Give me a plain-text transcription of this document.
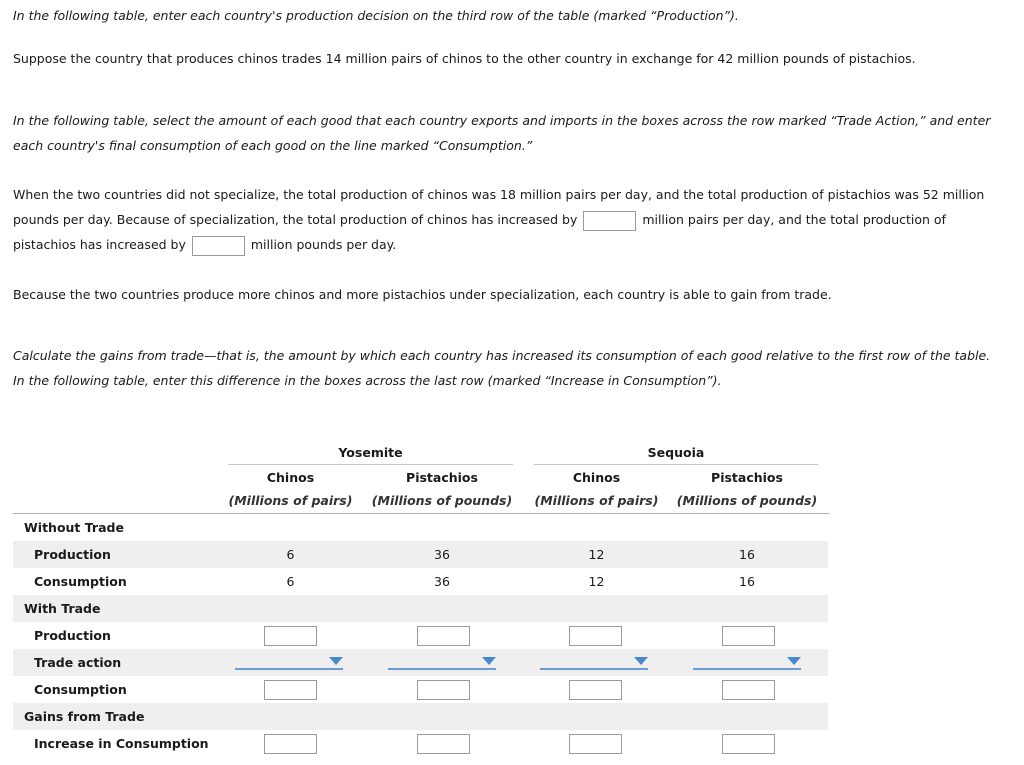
In the following table, enter each country's production decision on the third row of the table (marked “Production”).

Suppose the country that produces chinos trades 14 million pairs of chinos to the other country in exchange for 42 million pounds of pistachios.

In the following table, select the amount of each good that each country exports and imports in the boxes across the row marked “Trade Action,” and enter each country's final consumption of each good on the line marked “Consumption.”

When the two countries did not specialize, the total production of chinos was 18 million pairs per day, and the total production of pistachios was 52 million pounds per day. Because of specialization, the total production of chinos has increased by	million pairs per day, and the total production of pistachios has increased by	million pounds per day.

Because the two countries produce more chinos and more pistachios under specialization, each country is able to gain from trade.

Calculate the gains from trade—that is, the amount by which each country has increased its consumption of each good relative to the first row of the table. In the following table, enter this difference in the boxes across the last row (marked “Increase in Consumption”).

Yosemite	Sequoia
Chinos	Pistachios	Chinos	Pistachios
(Millions of pairs)	(Millions of pounds)	(Millions of pairs)	(Millions of pounds)
Without Trade
Production	6	36	12	16
Consumption	6	36	12	16
With Trade
Production
Trade action
Consumption
Gains from Trade
Increase in Consumption
